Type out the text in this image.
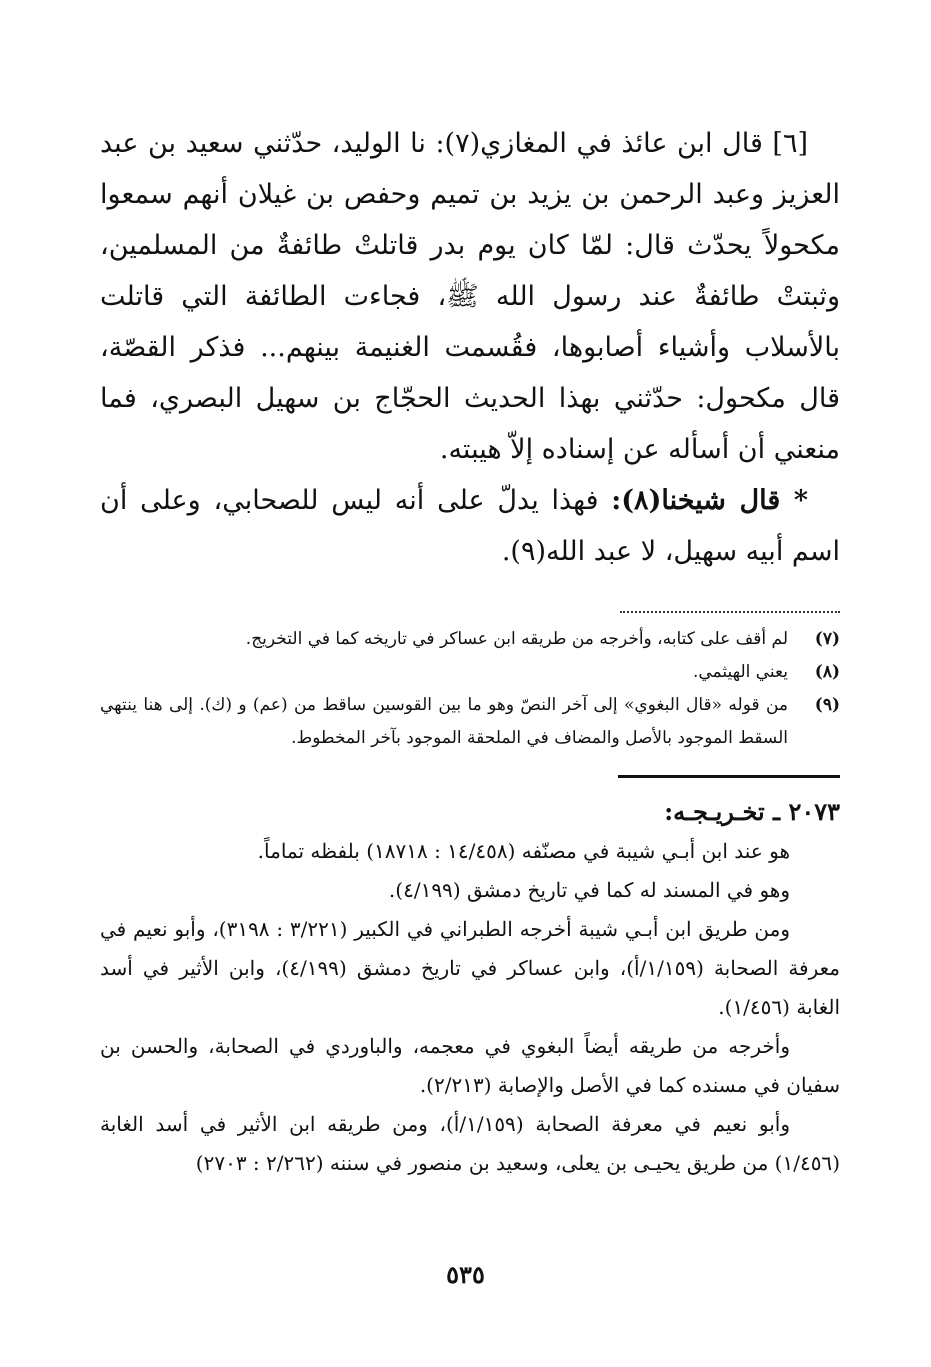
[٦] قال ابن عائذ في المغازي(٧): نا الوليد، حدّثني سعيد بن عبد العزيز وعبد الرحمن بن يزيد بن تميم وحفص بن غيلان أنهم سمعوا مكحولاً يحدّث قال: لمّا كان يوم بدر قاتلتْ طائفةٌ من المسلمين، وثبتتْ طائفةٌ عند رسول الله ﷺ، فجاءت الطائفة التي قاتلت بالأسلاب وأشياء أصابوها، فقُسمت الغنيمة بينهم... فذكر القصّة، قال مكحول: حدّثني بهذا الحديث الحجّاج بن سهيل البصري، فما منعني أن أسأله عن إسناده إلاّ هيبته.

* قال شيخنا(٨): فهذا يدلّ على أنه ليس للصحابي، وعلى أن اسم أبيه سهيل، لا عبد الله(٩).

(٧)
لم أقف على كتابه، وأخرجه من طريقه ابن عساكر في تاريخه كما في التخريج.

(٨)
يعني الهيثمي.

(٩)
من قوله «قال البغوي» إلى آخر النصّ وهو ما بين القوسين ساقط من (عم) و (ك). إلى هنا ينتهي السقط الموجود بالأصل والمضاف في الملحقة الموجود بآخر المخطوط.

٢٠٧٣ ـ تخـريـجـه:

هو عند ابن أبـي شيبة في مصنّفه (١٤/٤٥٨ : ١٨٧١٨) بلفظه تماماً.

وهو في المسند له كما في تاريخ دمشق (٤/١٩٩).

ومن طريق ابن أبـي شيبة أخرجه الطبراني في الكبير (٣/٢٢١ : ٣١٩٨)، وأبو نعيم في معرفة الصحابة (١/١٥٩/أ)، وابن عساكر في تاريخ دمشق (٤/١٩٩)، وابن الأثير في أسد الغابة (١/٤٥٦).

وأخرجه من طريقه أيضاً البغوي في معجمه، والباوردي في الصحابة، والحسن بن سفيان في مسنده كما في الأصل والإصابة (٢/٢١٣).

وأبو نعيم في معرفة الصحابة (١/١٥٩/أ)، ومن طريقه ابن الأثير في أسد الغابة (١/٤٥٦) من طريق يحيـى بن يعلى، وسعيد بن منصور في سننه (٢/٢٦٢ : ٢٧٠٣)

٥٣٥
